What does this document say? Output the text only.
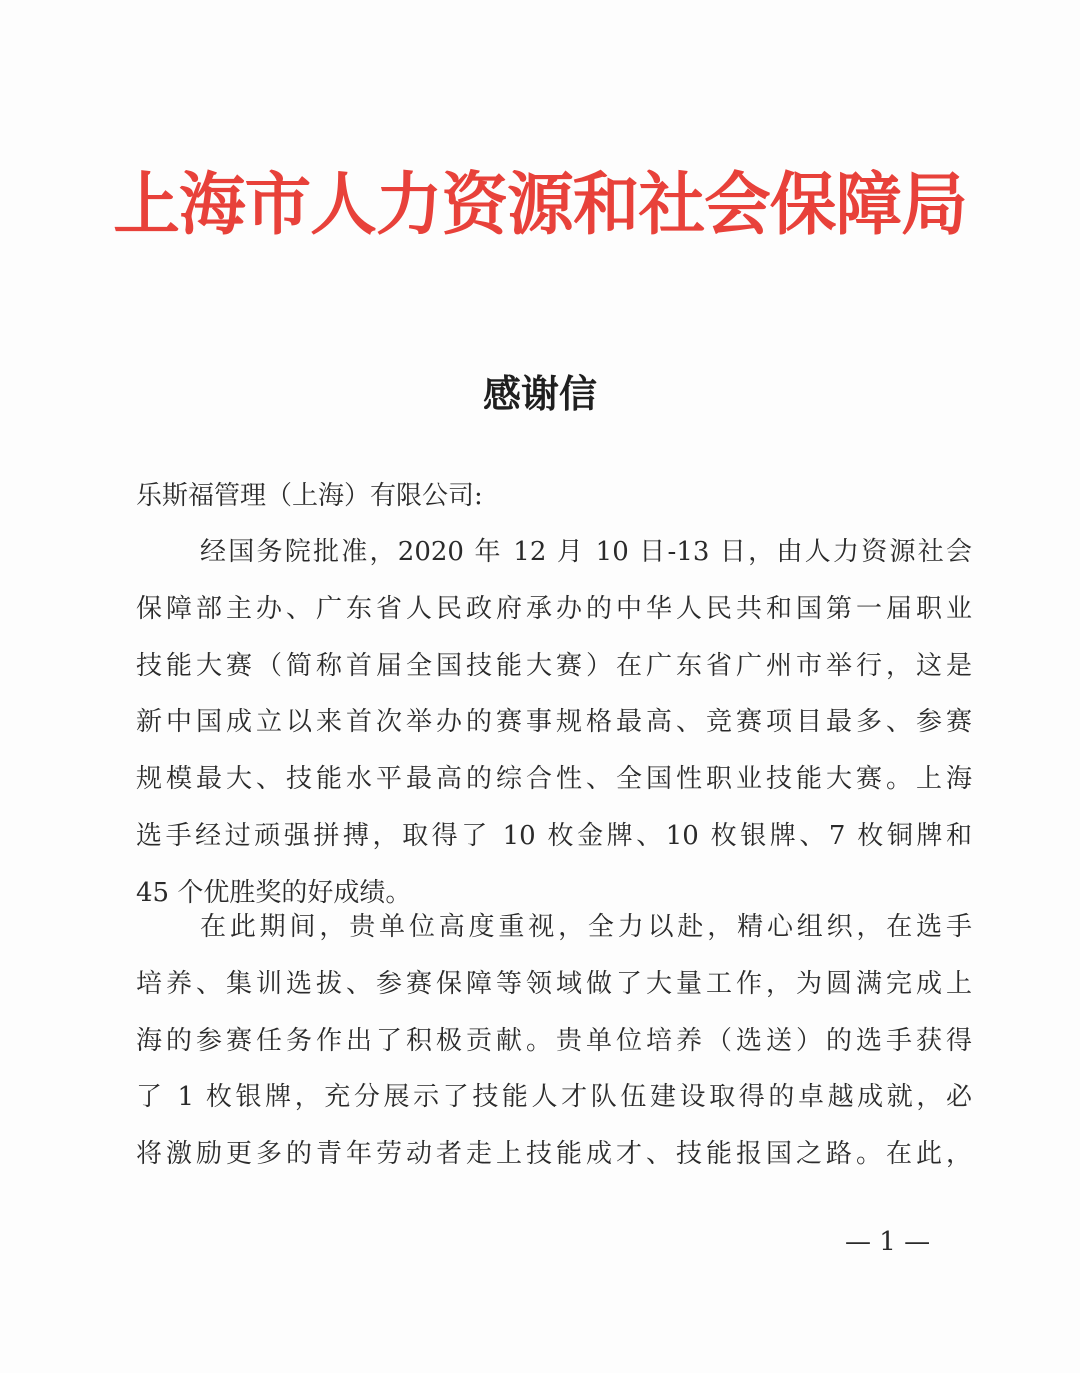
上海市人力资源和社会保障局
感谢信
乐斯福管理（上海）有限公司:
经国务院批准，2020 年 12 月 10 日-13 日，由人力资源社会
保障部主办、广东省人民政府承办的中华人民共和国第一届职业
技能大赛（简称首届全国技能大赛）在广东省广州市举行，这是
新中国成立以来首次举办的赛事规格最高、竞赛项目最多、参赛
规模最大、技能水平最高的综合性、全国性职业技能大赛。上海
选手经过顽强拼搏，取得了 10 枚金牌、10 枚银牌、7 枚铜牌和
45 个优胜奖的好成绩。
在此期间，贵单位高度重视，全力以赴，精心组织，在选手
培养、集训选拔、参赛保障等领域做了大量工作，为圆满完成上
海的参赛任务作出了积极贡献。贵单位培养（选送）的选手获得
了 1 枚银牌，充分展示了技能人才队伍建设取得的卓越成就，必
将激励更多的青年劳动者走上技能成才、技能报国之路。在此，
— 1 —
